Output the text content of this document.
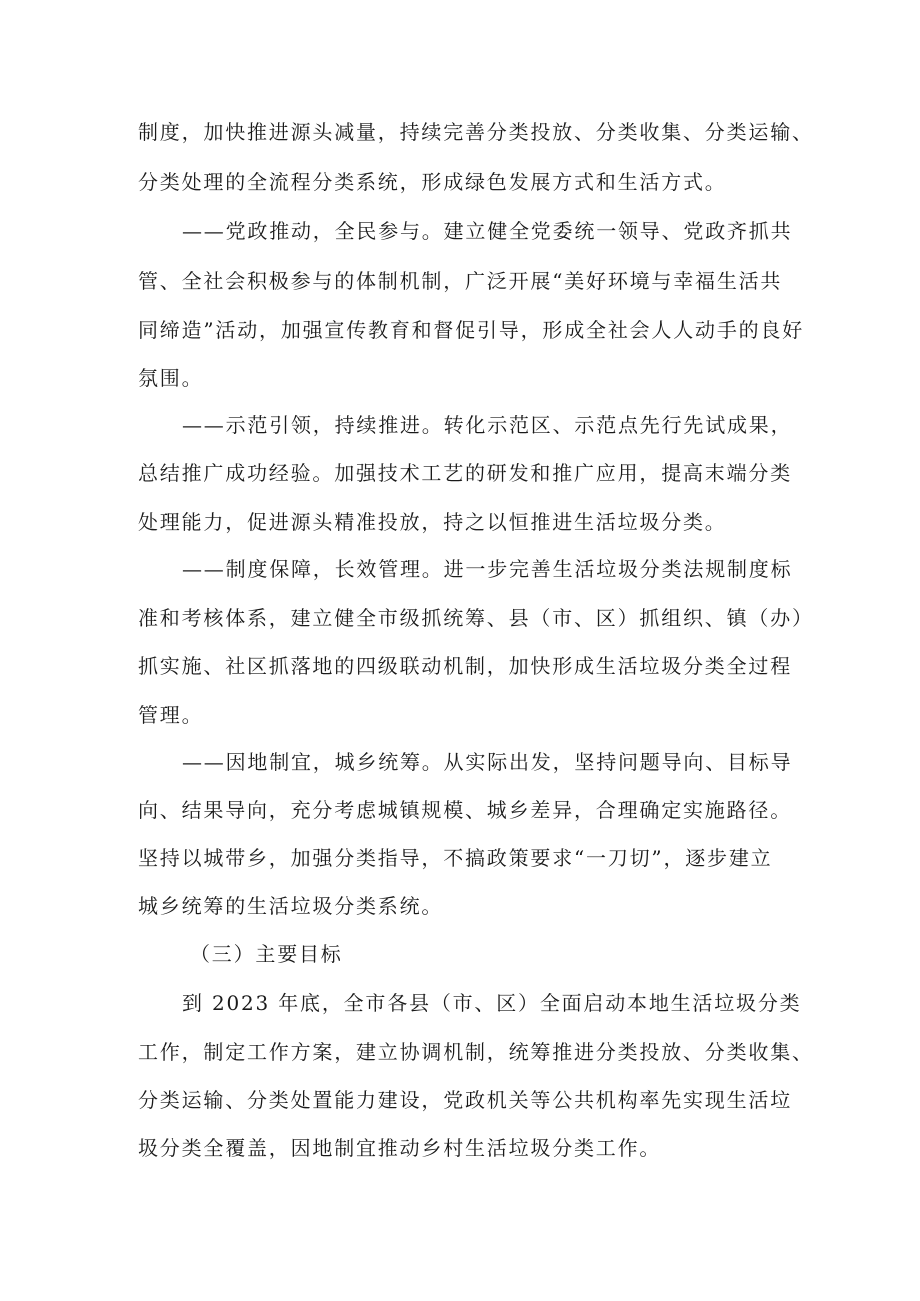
制度，加快推进源头减量，持续完善分类投放、分类收集、分类运输、
分类处理的全流程分类系统，形成绿色发展方式和生活方式。
——党政推动，全民参与。建立健全党委统一领导、党政齐抓共
管、全社会积极参与的体制机制，广泛开展“美好环境与幸福生活共
同缔造”活动，加强宣传教育和督促引导，形成全社会人人动手的良好
氛围。
——示范引领，持续推进。转化示范区、示范点先行先试成果，
总结推广成功经验。加强技术工艺的研发和推广应用，提高末端分类
处理能力，促进源头精准投放，持之以恒推进生活垃圾分类。
——制度保障，长效管理。进一步完善生活垃圾分类法规制度标
准和考核体系，建立健全市级抓统筹、县（市、区）抓组织、镇（办）
抓实施、社区抓落地的四级联动机制，加快形成生活垃圾分类全过程
管理。
——因地制宜，城乡统筹。从实际出发，坚持问题导向、目标导
向、结果导向，充分考虑城镇规模、城乡差异，合理确定实施路径。
坚持以城带乡，加强分类指导，不搞政策要求“一刀切”，逐步建立
城乡统筹的生活垃圾分类系统。
（三）主要目标
到 2023 年底，全市各县（市、区）全面启动本地生活垃圾分类
工作，制定工作方案，建立协调机制，统筹推进分类投放、分类收集、
分类运输、分类处置能力建设，党政机关等公共机构率先实现生活垃
圾分类全覆盖，因地制宜推动乡村生活垃圾分类工作。
